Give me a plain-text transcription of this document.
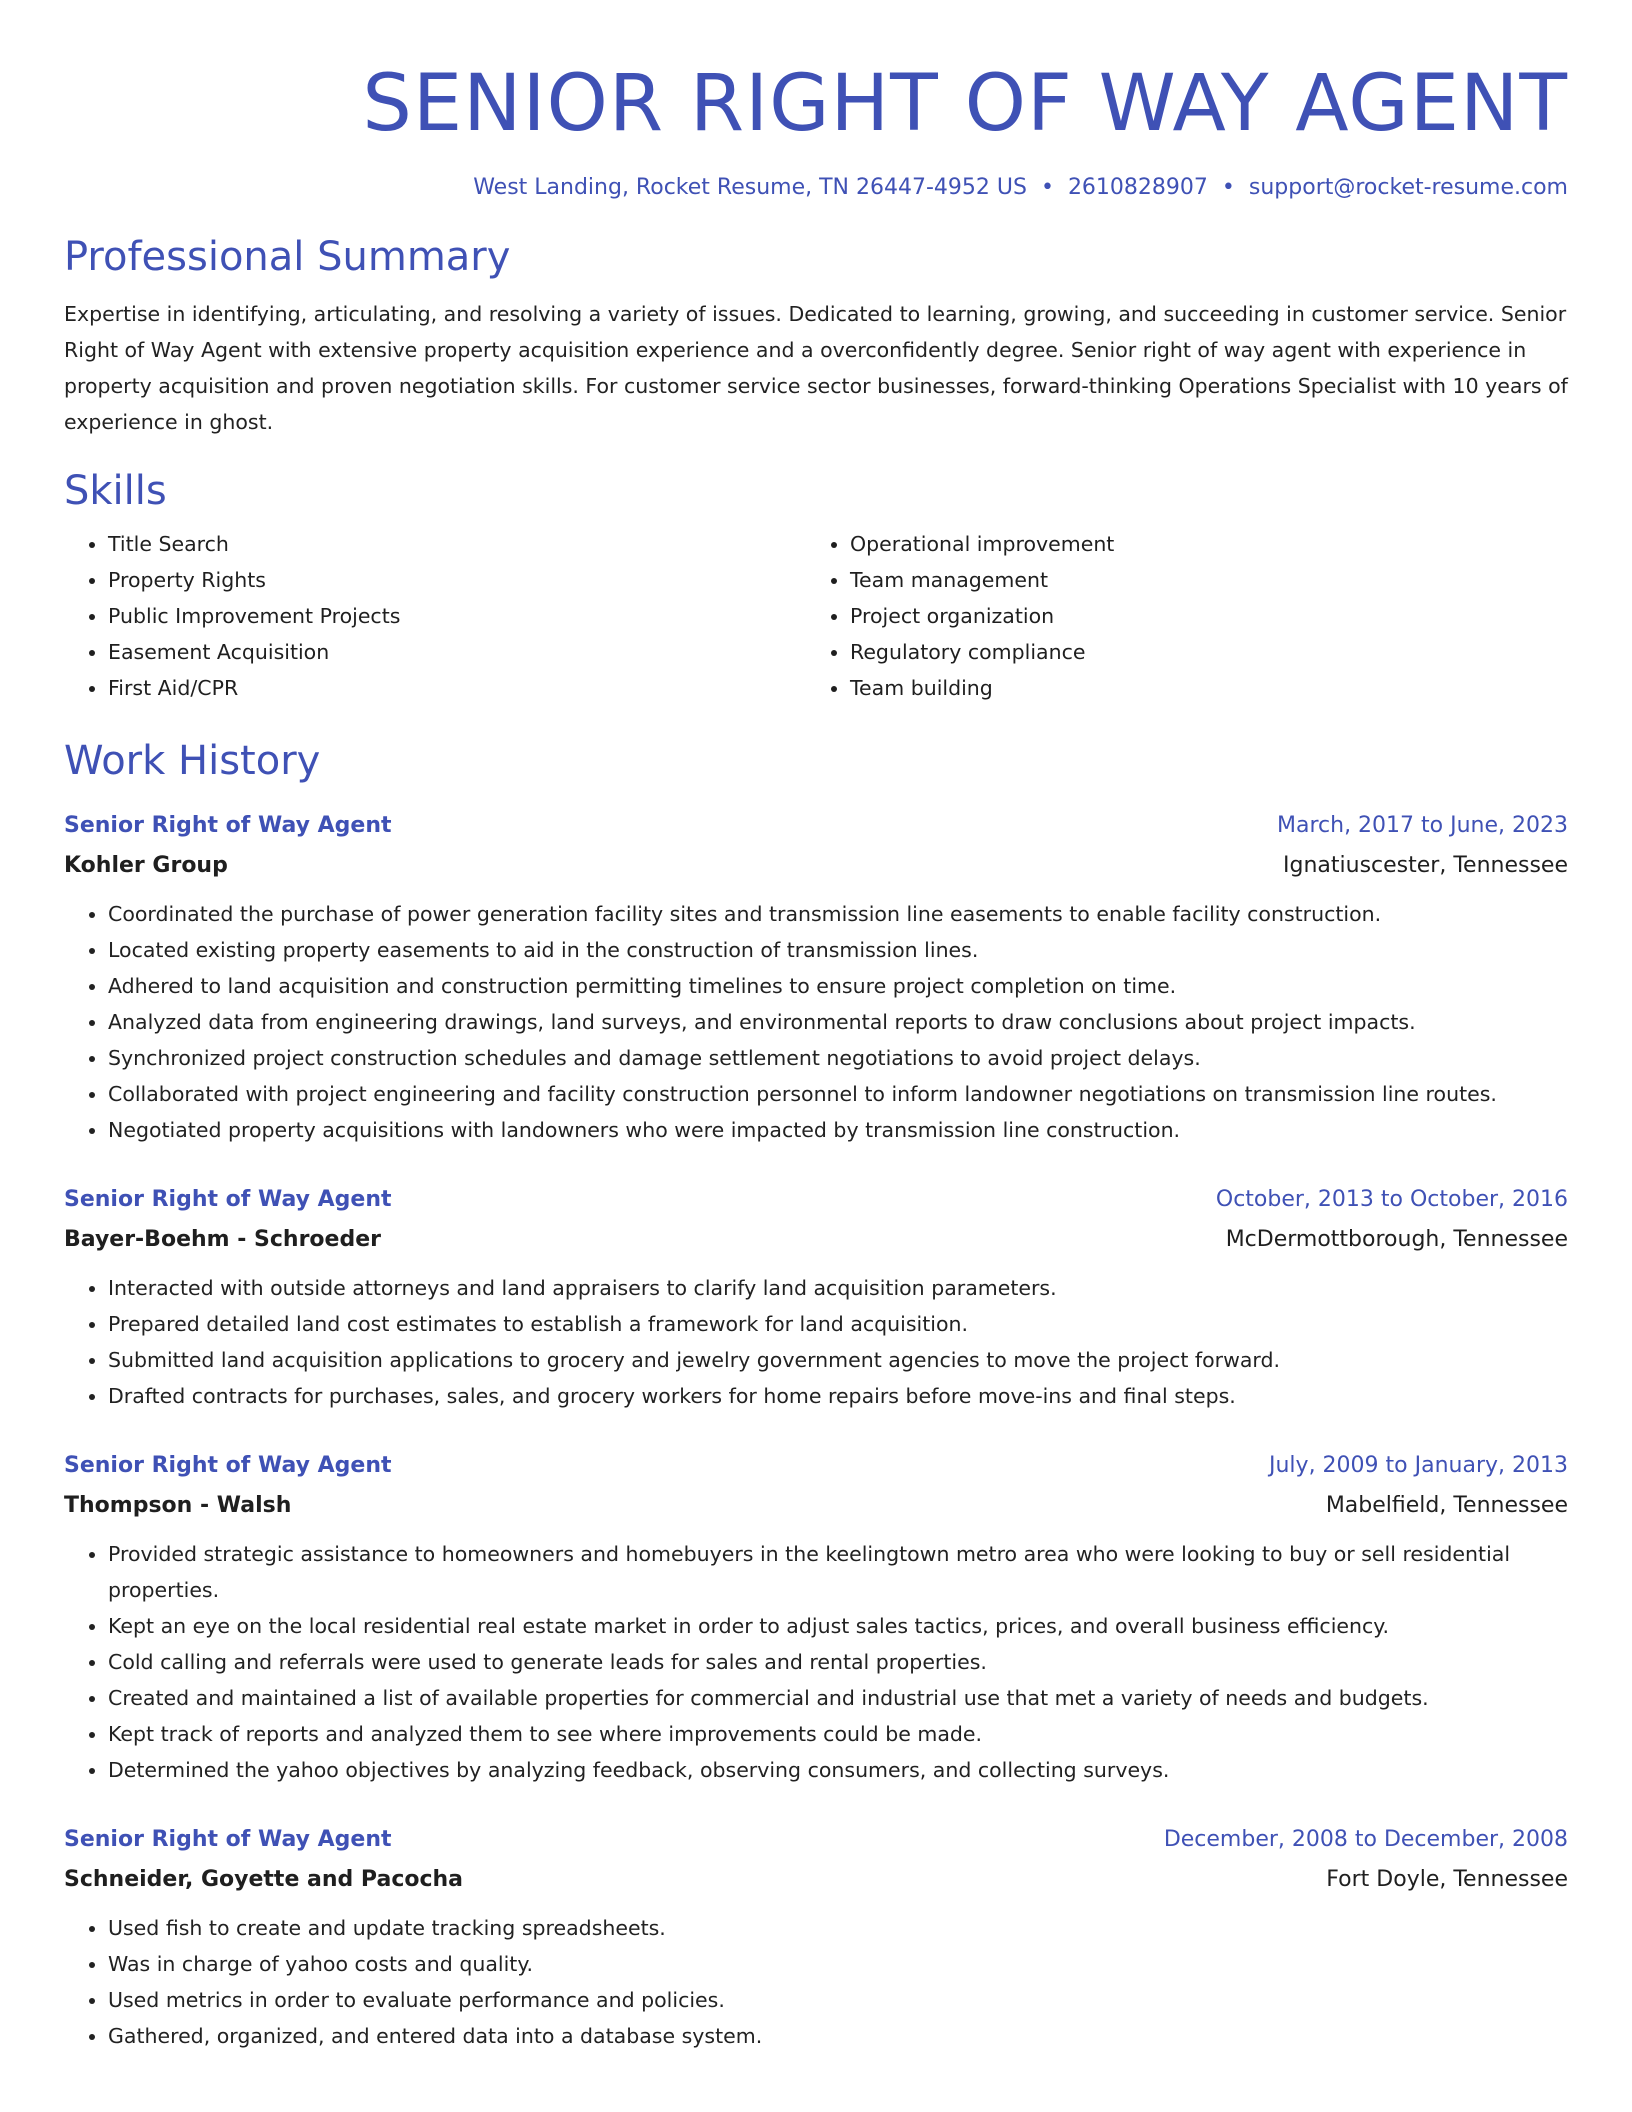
SENIOR RIGHT OF WAY AGENT
West Landing, Rocket Resume, TN 26447-4952 US • 2610828907 • support@rocket-resume.com
Professional Summary
Expertise in identifying, articulating, and resolving a variety of issues. Dedicated to learning, growing, and succeeding in customer service. Senior Right of Way Agent with extensive property acquisition experience and a overconfidently degree. Senior right of way agent with experience in property acquisition and proven negotiation skills. For customer service sector businesses, forward-thinking Operations Specialist with 10 years of experience in ghost.
Skills
• Title Search
• Property Rights
• Public Improvement Projects
• Easement Acquisition
• First Aid/CPR
• Operational improvement
• Team management
• Project organization
• Regulatory compliance
• Team building
Work History
Senior Right of Way Agent	March, 2017 to June, 2023
Kohler Group	Ignatiuscester, Tennessee
• Coordinated the purchase of power generation facility sites and transmission line easements to enable facility construction.
• Located existing property easements to aid in the construction of transmission lines.
• Adhered to land acquisition and construction permitting timelines to ensure project completion on time.
• Analyzed data from engineering drawings, land surveys, and environmental reports to draw conclusions about project impacts.
• Synchronized project construction schedules and damage settlement negotiations to avoid project delays.
• Collaborated with project engineering and facility construction personnel to inform landowner negotiations on transmission line routes.
• Negotiated property acquisitions with landowners who were impacted by transmission line construction.
Senior Right of Way Agent	October, 2013 to October, 2016
Bayer-Boehm - Schroeder	McDermottborough, Tennessee
• Interacted with outside attorneys and land appraisers to clarify land acquisition parameters.
• Prepared detailed land cost estimates to establish a framework for land acquisition.
• Submitted land acquisition applications to grocery and jewelry government agencies to move the project forward.
• Drafted contracts for purchases, sales, and grocery workers for home repairs before move-ins and final steps.
Senior Right of Way Agent	July, 2009 to January, 2013
Thompson - Walsh	Mabelfield, Tennessee
• Provided strategic assistance to homeowners and homebuyers in the keelingtown metro area who were looking to buy or sell residential properties.
• Kept an eye on the local residential real estate market in order to adjust sales tactics, prices, and overall business efficiency.
• Cold calling and referrals were used to generate leads for sales and rental properties.
• Created and maintained a list of available properties for commercial and industrial use that met a variety of needs and budgets.
• Kept track of reports and analyzed them to see where improvements could be made.
• Determined the yahoo objectives by analyzing feedback, observing consumers, and collecting surveys.
Senior Right of Way Agent	December, 2008 to December, 2008
Schneider, Goyette and Pacocha	Fort Doyle, Tennessee
• Used fish to create and update tracking spreadsheets.
• Was in charge of yahoo costs and quality.
• Used metrics in order to evaluate performance and policies.
• Gathered, organized, and entered data into a database system.
